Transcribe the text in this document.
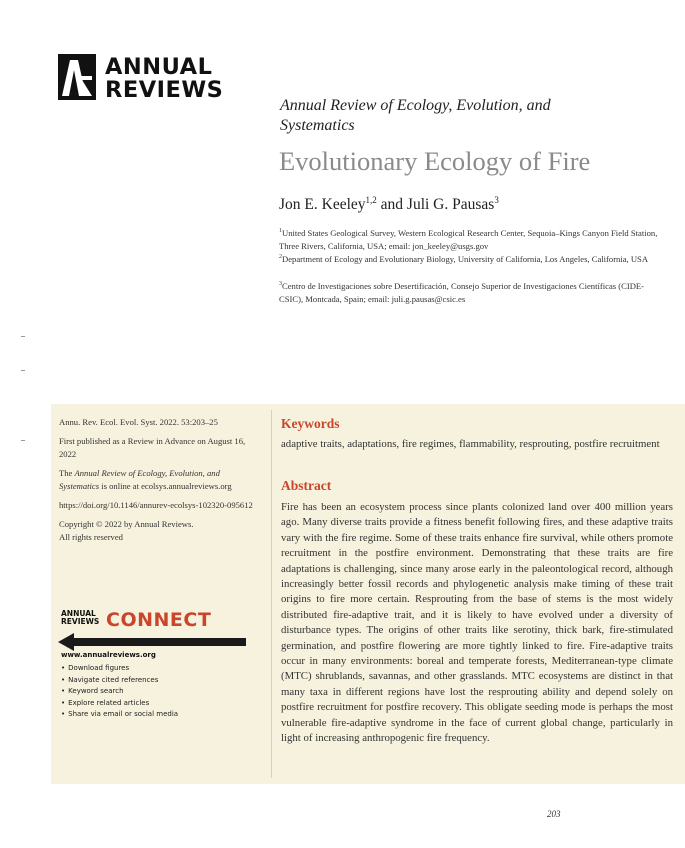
ANNUAL
REVIEWS
Annual Review of Ecology, Evolution, and Systematics
Evolutionary Ecology of Fire
Jon E. Keeley$^{1,2}$ and Juli G. Pausas$^3$
$^1$United States Geological Survey, Western Ecological Research Center, Sequoia–Kings Canyon Field Station, Three Rivers, California, USA; email: jon_keeley@usgs.gov
$^2$Department of Ecology and Evolutionary Biology, University of California, Los Angeles, California, USA
$^3$Centro de Investigaciones sobre Desertificación, Consejo Superior de Investigaciones Científicas (CIDE-CSIC), Montcada, Spain; email: juli.g.pausas@csic.es

Annu. Rev. Ecol. Evol. Syst. 2022. 53:203–25

First published as a Review in Advance on August 16, 2022

The Annual Review of Ecology, Evolution, and Systematics is online at ecolsys.annualreviews.org

https://doi.org/10.1146/annurev-ecolsys-102320-095612

Copyright © 2022 by Annual Reviews.
All rights reserved

ANNUAL
REVIEWS CONNECT
www.annualreviews.org
• Download figures
• Navigate cited references
• Keyword search
• Explore related articles
• Share via email or social media
Keywords
adaptive traits, adaptations, fire regimes, flammability, resprouting, postfire recruitment
Abstract
Fire has been an ecosystem process since plants colonized land over 400 million years ago. Many diverse traits provide a fitness benefit following fires, and these adaptive traits vary with the fire regime. Some of these traits enhance fire survival, while others promote recruitment in the postfire environment. Demonstrating that these traits are fire adaptations is challenging, since many arose early in the paleontological record, although increasingly better fossil records and phylogenetic analysis make timing of these trait origins to fire more certain. Resprouting from the base of stems is the most widely distributed fire-adaptive trait, and it is likely to have evolved under a diversity of disturbance types. The origins of other traits like serotiny, thick bark, fire-stimulated germination, and postfire flowering are more tightly linked to fire. Fire-adaptive traits occur in many environments: boreal and temperate forests, Mediterranean-type climate (MTC) shrublands, savannas, and other grasslands. MTC ecosystems are distinct in that many taxa in different regions have lost the resprouting ability and depend solely on postfire recruitment for postfire recovery. This obligate seeding mode is perhaps the most vulnerable fire-adaptive syndrome in the face of current global change, particularly in light of increasing anthropogenic fire frequency.
203
